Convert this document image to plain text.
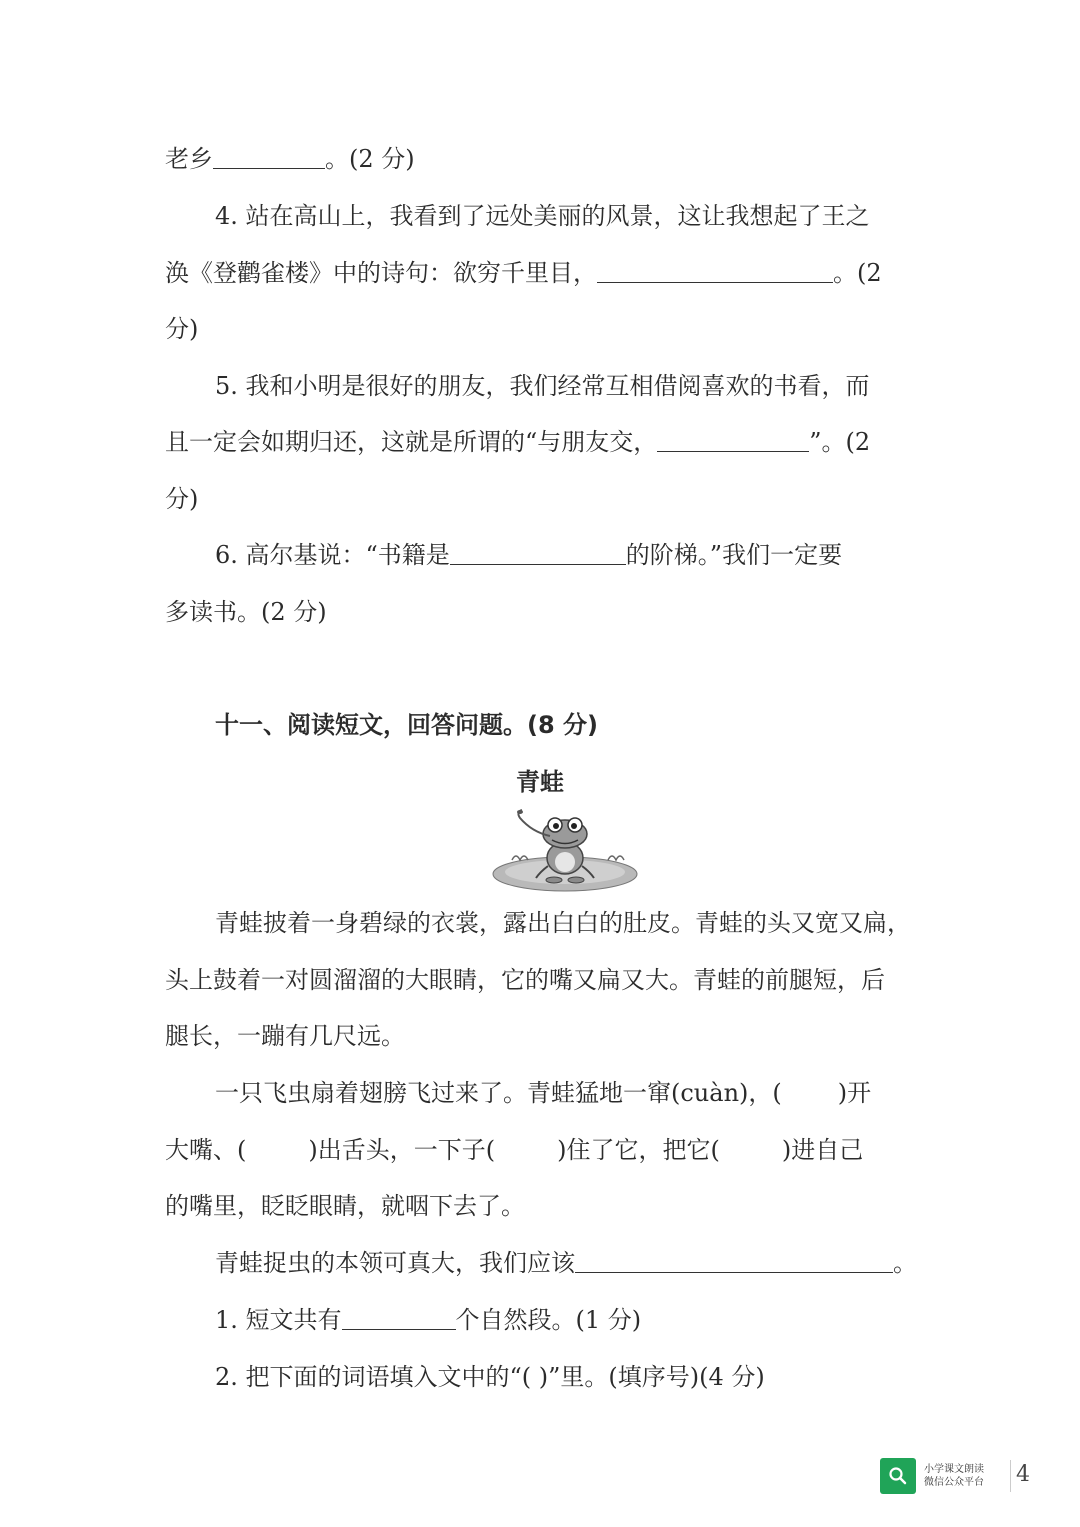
老乡	。(2 分)
4. 站在高山上，我看到了远处美丽的风景，这让我想起了王之
涣《登鹳雀楼》中的诗句：欲穷千里目，	。(2
分)
5. 我和小明是很好的朋友，我们经常互相借阅喜欢的书看，而
且一定会如期归还，这就是所谓的“与朋友交，	”。(2
分)
6. 高尔基说：“书籍是	的阶梯。”我们一定要
多读书。(2 分)
十一、阅读短文，回答问题。(8 分)
青蛙
青蛙披着一身碧绿的衣裳，露出白白的肚皮。青蛙的头又宽又扁，
头上鼓着一对圆溜溜的大眼睛，它的嘴又扁又大。青蛙的前腿短，后
腿长，一蹦有几尺远。
一只飞虫扇着翅膀飞过来了。青蛙猛地一窜(cuàn)，( )开
大嘴、(	)出舌头，一下子(	)住了它，把它(	)进自己
的嘴里，眨眨眼睛，就咽下去了。
青蛙捉虫的本领可真大，我们应该	。
1. 短文共有	个自然段。(1 分)
2. 把下面的词语填入文中的“( )”里。(填序号)(4 分)
小学课文朗读
微信公众平台 4
